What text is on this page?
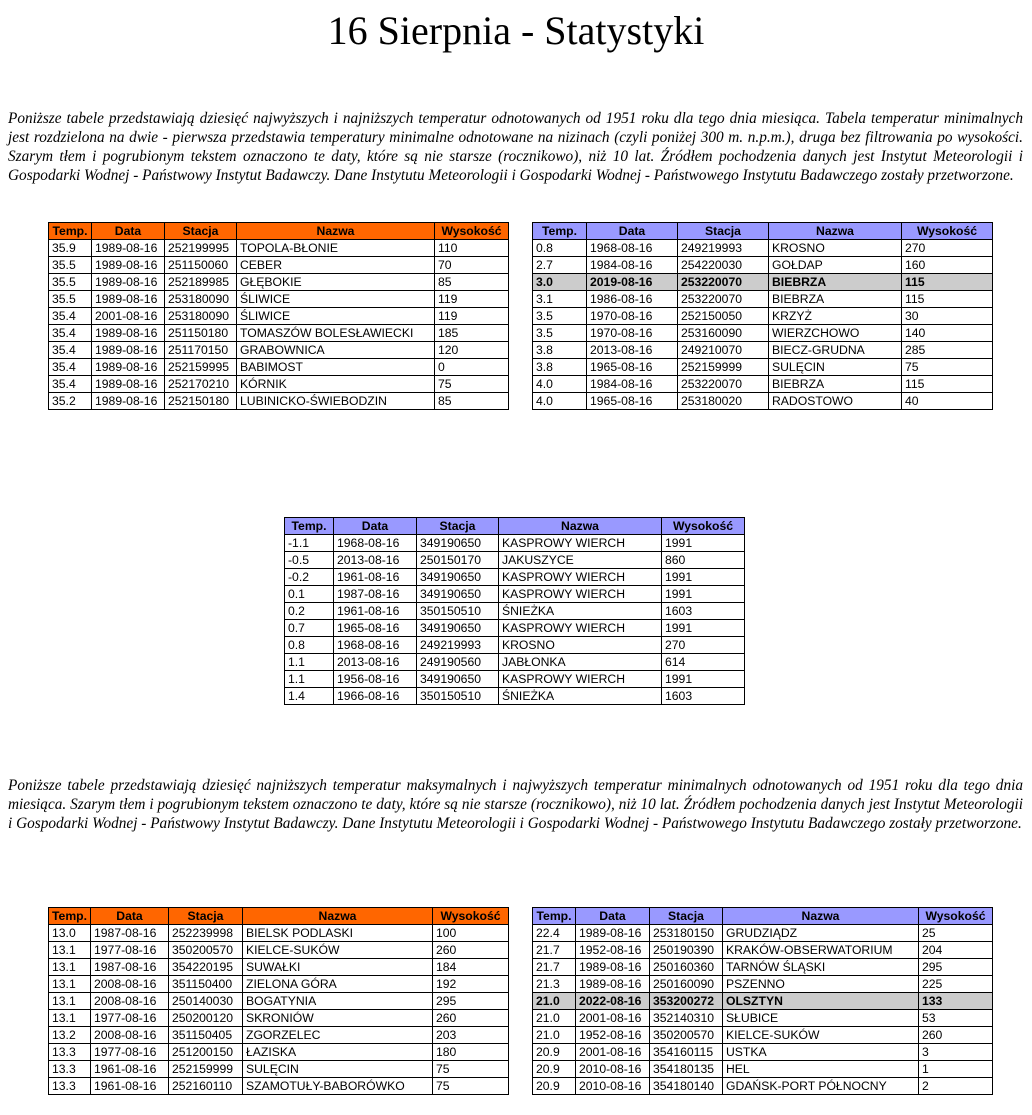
16 Sierpnia - Statystyki

Poniższe tabele przedstawiają dziesięć najwyższych i najniższych temperatur odnotowanych od 1951 roku dla tego dnia miesiąca. Tabela temperatur minimalnych jest rozdzielona na dwie - pierwsza przedstawia temperatury minimalne odnotowane na nizinach (czyli poniżej 300 m. n.p.m.), druga bez filtrowania po wysokości. Szarym tłem i pogrubionym tekstem oznaczono te daty, które są nie starsze (rocznikowo), niż 10 lat. Źródłem pochodzenia danych jest Instytut Meteorologii i Gospodarki Wodnej - Państwowy Instytut Badawczy. Dane Instytutu Meteorologii i Gospodarki Wodnej - Państwowego Instytutu Badawczego zostały przetworzone.

Temp.	Data	Stacja	Nazwa	Wysokość
35.9	1989-08-16	252199995	TOPOLA-BŁONIE	110
35.5	1989-08-16	251150060	CEBER	70
35.5	1989-08-16	252189985	GŁĘBOKIE	85
35.5	1989-08-16	253180090	ŚLIWICE	119
35.4	2001-08-16	253180090	ŚLIWICE	119
35.4	1989-08-16	251150180	TOMASZÓW BOLESŁAWIECKI	185
35.4	1989-08-16	251170150	GRABOWNICA	120
35.4	1989-08-16	252159995	BABIMOST	0
35.4	1989-08-16	252170210	KÓRNIK	75
35.2	1989-08-16	252150180	LUBINICKO-ŚWIEBODZIN	85
Temp.	Data	Stacja	Nazwa	Wysokość
0.8	1968-08-16	249219993	KROSNO	270
2.7	1984-08-16	254220030	GOŁDAP	160
3.0	2019-08-16	253220070	BIEBRZA	115
3.1	1986-08-16	253220070	BIEBRZA	115
3.5	1970-08-16	252150050	KRZYŻ	30
3.5	1970-08-16	253160090	WIERZCHOWO	140
3.8	2013-08-16	249210070	BIECZ-GRUDNA	285
3.8	1965-08-16	252159999	SULĘCIN	75
4.0	1984-08-16	253220070	BIEBRZA	115
4.0	1965-08-16	253180020	RADOSTOWO	40
Temp.	Data	Stacja	Nazwa	Wysokość
-1.1	1968-08-16	349190650	KASPROWY WIERCH	1991
-0.5	2013-08-16	250150170	JAKUSZYCE	860
-0.2	1961-08-16	349190650	KASPROWY WIERCH	1991
0.1	1987-08-16	349190650	KASPROWY WIERCH	1991
0.2	1961-08-16	350150510	ŚNIEŻKA	1603
0.7	1965-08-16	349190650	KASPROWY WIERCH	1991
0.8	1968-08-16	249219993	KROSNO	270
1.1	2013-08-16	249190560	JABŁONKA	614
1.1	1956-08-16	349190650	KASPROWY WIERCH	1991
1.4	1966-08-16	350150510	ŚNIEŻKA	1603

Poniższe tabele przedstawiają dziesięć najniższych temperatur maksymalnych i najwyższych temperatur minimalnych odnotowanych od 1951 roku dla tego dnia miesiąca. Szarym tłem i pogrubionym tekstem oznaczono te daty, które są nie starsze (rocznikowo), niż 10 lat. Źródłem pochodzenia danych jest Instytut Meteorologii i Gospodarki Wodnej - Państwowy Instytut Badawczy. Dane Instytutu Meteorologii i Gospodarki Wodnej - Państwowego Instytutu Badawczego zostały przetworzone.

Temp.	Data	Stacja	Nazwa	Wysokość
13.0	1987-08-16	252239998	BIELSK PODLASKI	100
13.1	1977-08-16	350200570	KIELCE-SUKÓW	260
13.1	1987-08-16	354220195	SUWAŁKI	184
13.1	2008-08-16	351150400	ZIELONA GÓRA	192
13.1	2008-08-16	250140030	BOGATYNIA	295
13.1	1977-08-16	250200120	SKRONIÓW	260
13.2	2008-08-16	351150405	ZGORZELEC	203
13.3	1977-08-16	251200150	ŁAZISKA	180
13.3	1961-08-16	252159999	SULĘCIN	75
13.3	1961-08-16	252160110	SZAMOTUŁY-BABORÓWKO	75
Temp.	Data	Stacja	Nazwa	Wysokość
22.4	1989-08-16	253180150	GRUDZIĄDZ	25
21.7	1952-08-16	250190390	KRAKÓW-OBSERWATORIUM	204
21.7	1989-08-16	250160360	TARNÓW ŚLĄSKI	295
21.3	1989-08-16	250160090	PSZENNO	225
21.0	2022-08-16	353200272	OLSZTYN	133
21.0	2001-08-16	352140310	SŁUBICE	53
21.0	1952-08-16	350200570	KIELCE-SUKÓW	260
20.9	2001-08-16	354160115	USTKA	3
20.9	2010-08-16	354180135	HEL	1
20.9	2010-08-16	354180140	GDAŃSK-PORT PÓŁNOCNY	2
